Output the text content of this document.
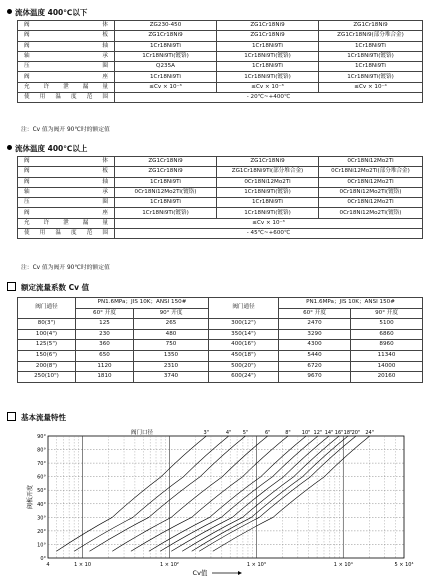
流体温度 400℃以下
阀体	ZG230-450	ZG1Cr18Ni9	ZG1Cr18Ni9
阀板	ZG1Cr18Ni9	ZG1Cr18Ni9	ZG1Cr18Ni9(部分堆合金)
阀轴	1Cr18Ni9Ti	1Cr18Ni9Ti	1Cr18Ni9Ti
轴承	1Cr18Ni9Ti(镀铬)	1Cr18Ni9Ti(镀铬)	1Cr18Ni9Ti(镀铬)
压圈	Q235A	1Cr18Ni9Ti	1Cr18Ni9Ti
阀座	1Cr18Ni9Ti	1Cr18Ni9Ti(镀铬)	1Cr18Ni9Ti(镀铬)
允许泄漏量	≤Cv × 10⁻³	≤Cv × 10⁻³	≤Cv × 10⁻⁴
使用温度范围	- 20℃~+400℃		
注：Cv 值为阀开 90℃时的额定值
流体温度 400℃以上
阀体	ZG1Cr18Ni9	ZG1Cr18Ni9	0Cr18Ni12Mo2Ti
阀板	ZG1Cr18Ni9	ZG1Cr18Ni9Ti(部分堆合金)	0Cr18Ni12Mo2Ti(部分堆合金)
阀轴	1Cr18Ni9Ti	0Cr18Ni12Mo2Ti	0Cr18Ni12Mo2Ti
轴承	0Cr18Ni12Mo2Ti(镀铬)	1Cr18Ni9Ti(镀铬)	0Cr18Ni12Mo2Ti(镀铬)
压圈	1Cr18Ni9Ti	1Cr18Ni9Ti	0Cr18Ni12Mo2Ti
阀座	1Cr18Ni9Ti(镀铬)	1Cr18Ni9Ti(镀铬)	0Cr18Ni12Mo2Ti(镀铬)
允许泄漏量	≤Cv × 10⁻³		
使用温度范围	- 45℃~+600℃		
注：Cv 值为阀开 90℃时的额定值
额定流量系数 Cv 值
阀门通径	PN1.6MPa；JIS 10K；ANSI 150#		阀门通径	PN1.6MPa；JIS 10K；ANSI 150#	
	60° 开度	90° 开度		60° 开度	90° 开度
80(3")	125	265	300(12")	2470	5100
100(4")	230	480	350(14")	3290	6860
125(5")	360	750	400(16")	4300	8960
150(6")	650	1350	450(18")	5440	11340
200(8")	1120	2310	500(20")	6720	14000
250(10")	1810	3740	600(24")	9670	20160
基本流量特性
90°
80°
70°
60°
50°
40°
30°
20°
10°
0°
4	1 × 10	1 × 10²	1 × 10³	1 × 10⁴	5 × 10⁴
阀板开度
Cv值
阀门口径	3"	4" 5"	6"	8" 10" 12" 14" 16" 18" 20" 24"
